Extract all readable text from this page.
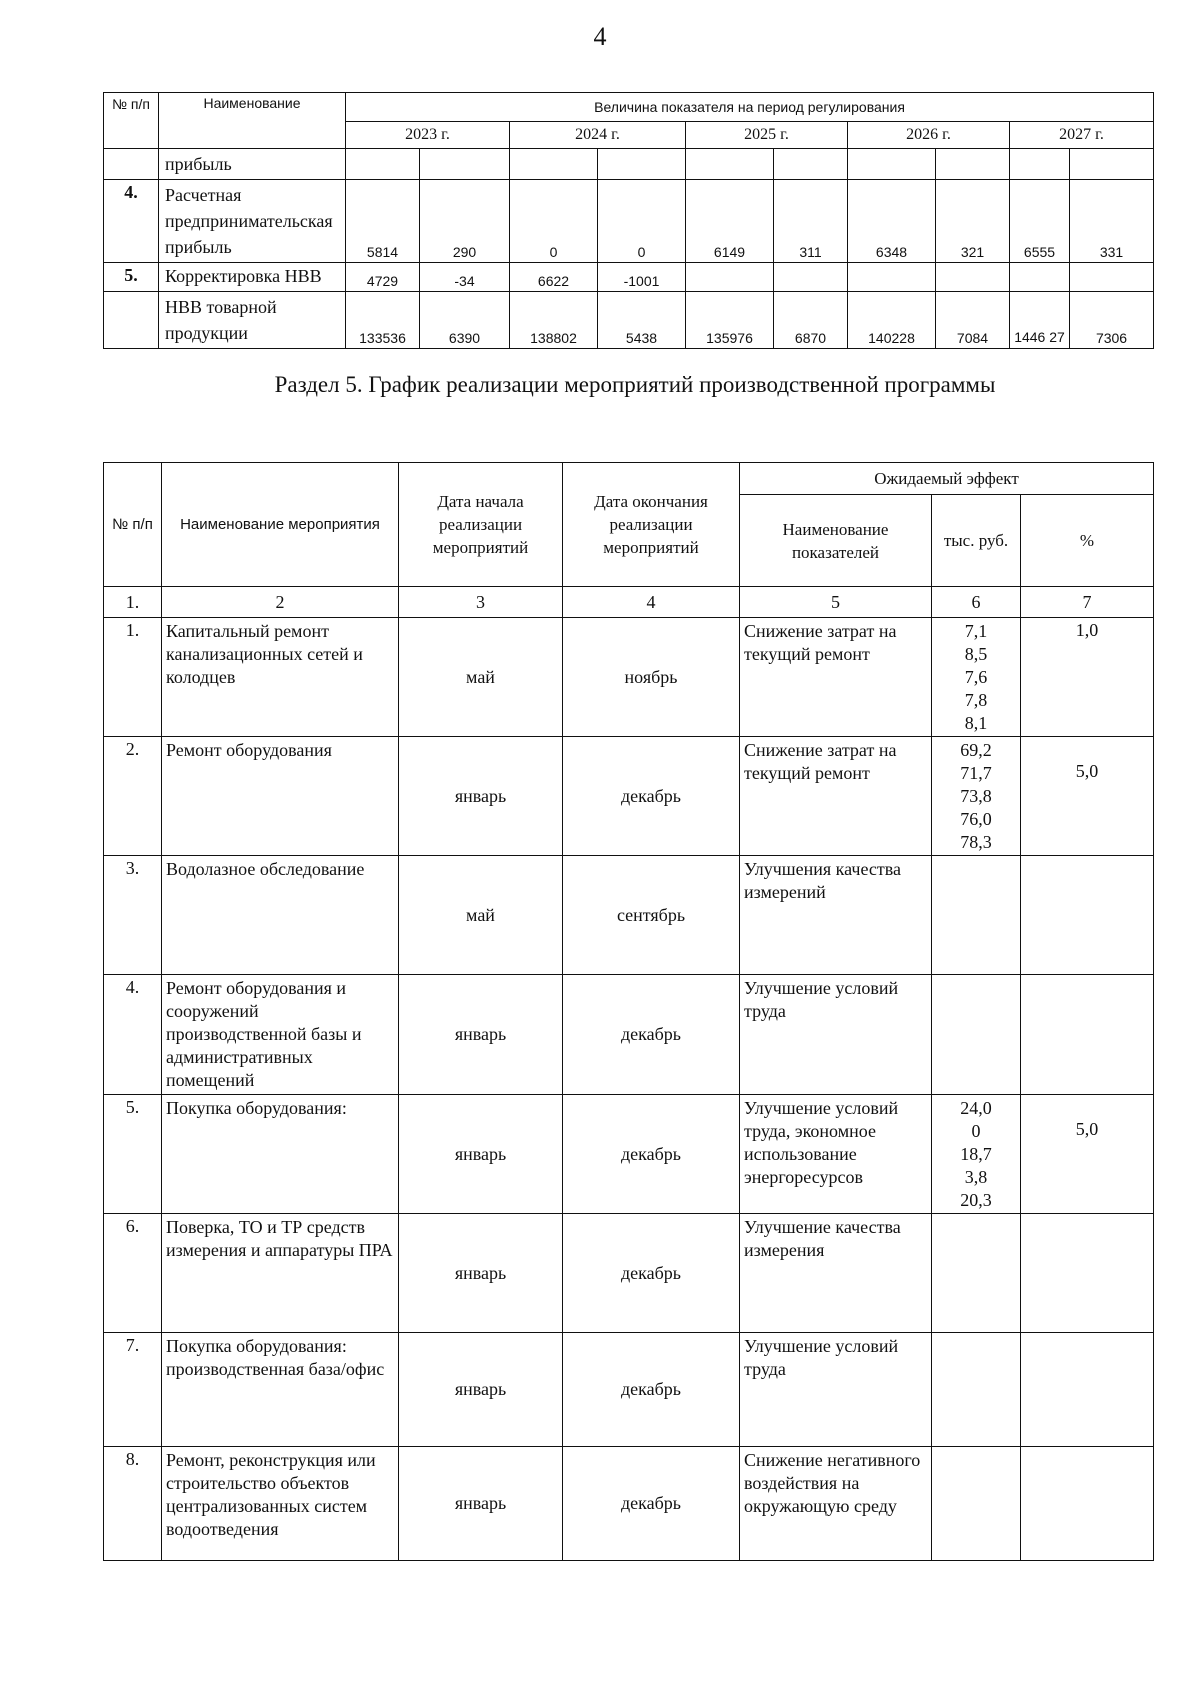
4
№ п/п	Наименование	Величина показателя на период регулирования									
		2023 г.		2024 г.		2025 г.		2026 г.		2027 г.	
	прибыль										
4.	Расчетная предпринимательская прибыль	5814	290	0	0	6149	311	6348	321	6555	331
5.	Корректировка НВВ	4729	-34	6622	-1001						
	НВВ товарной продукции	133536	6390	138802	5438	135976	6870	140228	7084	1446 27	7306
Раздел 5. График реализации мероприятий производственной программы
№ п/п	Наименование мероприятия	Дата начала реализации мероприятий	Дата окончания реализации мероприятий	Ожидаемый эффект		
				Наименование показателей	тыс. руб.	%
1.	2	3	4	5	6	7
1.	Капитальный ремонт канализационных сетей и колодцев	май	ноябрь	Снижение затрат на текущий ремонт	7,1
8,5
7,6
7,8
8,1	1,0
2.	Ремонт оборудования	январь	декабрь	Снижение затрат на текущий ремонт	69,2
71,7
73,8
76,0
78,3	5,0
3.	Водолазное обследование	май	сентябрь	Улучшения качества измерений		
4.	Ремонт оборудования и сооружений производственной базы и административных помещений	январь	декабрь	Улучшение условий труда		
5.	Покупка оборудования:	январь	декабрь	Улучшение условий труда, экономное использование энергоресурсов	24,0
0
18,7
3,8
20,3	5,0
6.	Поверка, ТО и ТР средств измерения и аппаратуры ПРА	январь	декабрь	Улучшение качества измерения		
7.	Покупка оборудования: производственная база/офис	январь	декабрь	Улучшение условий труда		
8.	Ремонт, реконструкция или строительство объектов централизованных систем водоотведения	январь	декабрь	Снижение негативного воздействия на окружающую среду		
